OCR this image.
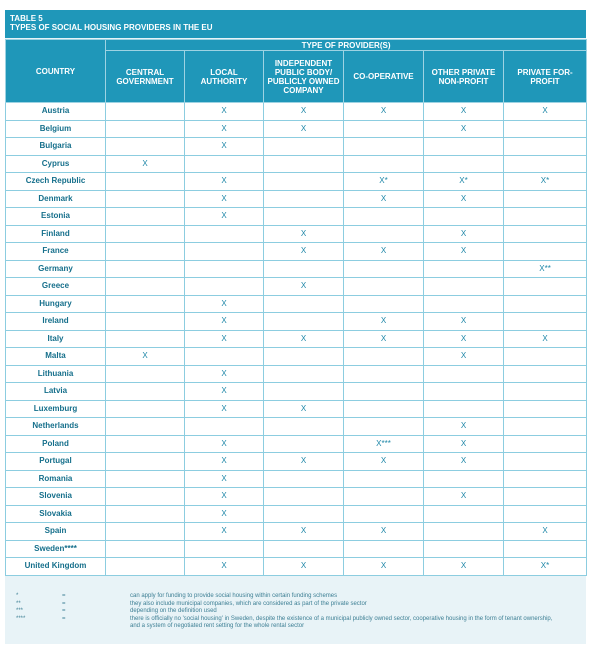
TABLE 5
TYPES OF SOCIAL HOUSING PROVIDERS IN THE EU
COUNTRY	TYPE OF PROVIDER(S)					
	CENTRAL GOVERNMENT	LOCAL AUTHORITY	INDEPENDENT PUBLIC BODY/ PUBLICLY OWNED COMPANY	CO-OPERATIVE	OTHER PRIVATE NON-PROFIT	PRIVATE FOR-PROFIT
Austria		X	X	X	X	X
Belgium		X	X		X	
Bulgaria		X				
Cyprus	X					
Czech Republic		X		X*	X*	X*
Denmark		X		X	X	
Estonia		X				
Finland			X		X	
France			X	X	X	
Germany						X**
Greece			X			
Hungary		X				
Ireland		X		X	X	
Italy		X	X	X	X	X
Malta	X				X	
Lithuania		X				
Latvia		X				
Luxemburg		X	X			
Netherlands					X	
Poland		X		X***	X	
Portugal		X	X	X	X	
Romania		X				
Slovenia		X			X	
Slovakia		X				
Spain		X	X	X		X
Sweden****						
United Kingdom		X	X	X	X	X*
*	=	can apply for funding to provide social housing within certain funding schemes
**	=	they also include municipal companies, which are considered as part of the private sector
***	=	depending on the definition used
****	=	there is officially no 'social housing' in Sweden, despite the existence of a municipal publicly owned sector, cooperative housing in the form of tenant ownership,
and a system of negotiated rent setting for the whole rental sector
